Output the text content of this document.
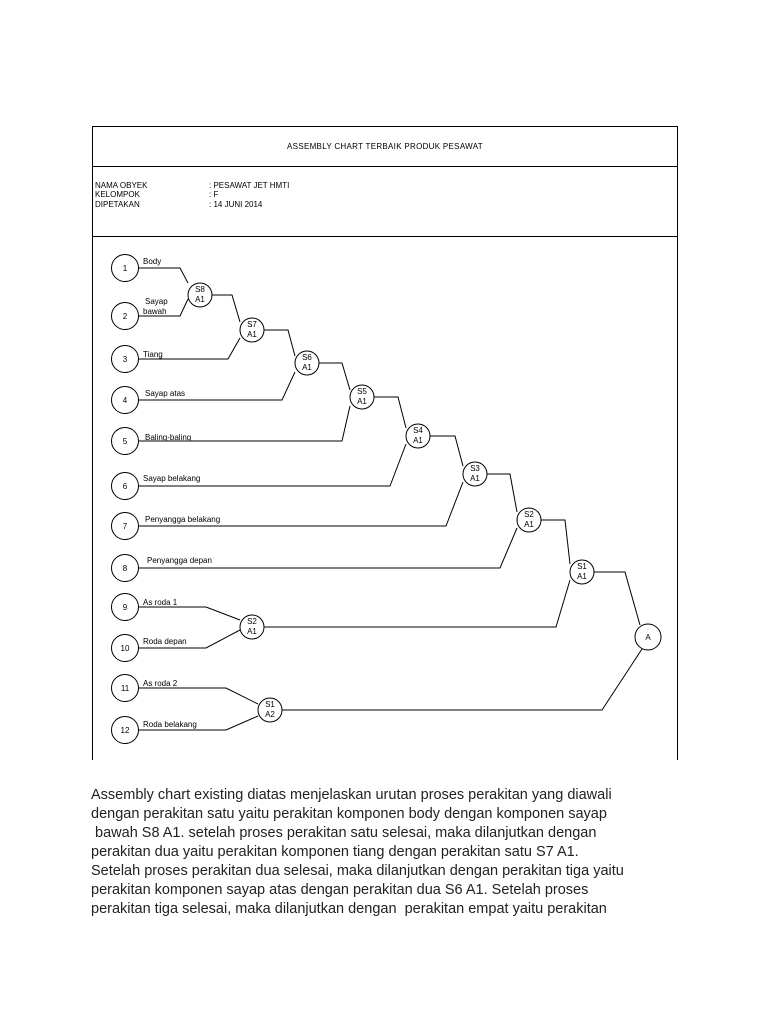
ASSEMBLY CHART TERBAIK PRODUK PESAWAT
NAMA OBYEK	: PESAWAT JET HMTI
KELOMPOK	: F
DIPETAKAN	: 14 JUNI 2014
1
2
3
4
5
6
7
8
9
10
11
12
Body
Sayap
bawah
Tiang
Sayap atas
Baling-baling
Sayap belakang
Penyangga belakang
Penyangga depan
As roda 1
Roda depan
As roda 2
Roda belakang
S8
A1
S7
A1
S6
A1
S5
A1
S4
A1
S3
A1
S2
A1
S1
A1
S2
A1
S1
A2
A

Assembly chart existing diatas menjelaskan urutan proses perakitan yang diawali

dengan perakitan satu yaitu perakitan komponen body dengan komponen sayap

bawah S8 A1. setelah proses perakitan satu selesai, maka dilanjutkan dengan

perakitan dua yaitu perakitan komponen tiang dengan perakitan satu S7 A1.

Setelah proses perakitan dua selesai, maka dilanjutkan dengan perakitan tiga yaitu

perakitan komponen sayap atas dengan perakitan dua S6 A1. Setelah proses

perakitan tiga selesai, maka dilanjutkan dengan  perakitan empat yaitu perakitan
